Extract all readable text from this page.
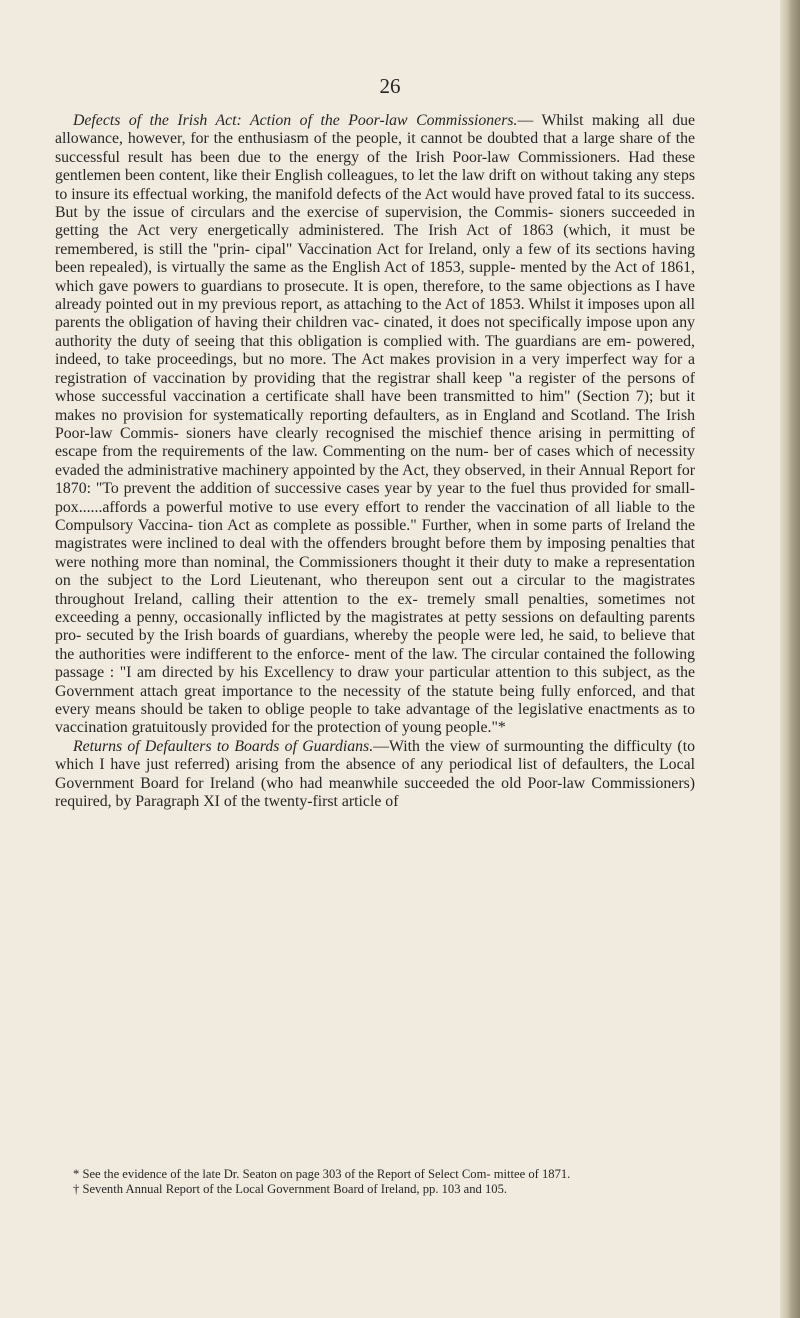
26

Defects of the Irish Act: Action of the Poor-law Commissioners.— Whilst making all due allowance, however, for the enthusiasm of the people, it cannot be doubted that a large share of the successful result has been due to the energy of the Irish Poor-law Commissioners. Had these gentlemen been content, like their English colleagues, to let the law drift on without taking any steps to insure its effectual working, the manifold defects of the Act would have proved fatal to its success. But by the issue of circulars and the exercise of supervision, the Commis- sioners succeeded in getting the Act very energetically administered. The Irish Act of 1863 (which, it must be remembered, is still the "prin- cipal" Vaccination Act for Ireland, only a few of its sections having been repealed), is virtually the same as the English Act of 1853, supple- mented by the Act of 1861, which gave powers to guardians to prosecute. It is open, therefore, to the same objections as I have already pointed out in my previous report, as attaching to the Act of 1853. Whilst it imposes upon all parents the obligation of having their children vac- cinated, it does not specifically impose upon any authority the duty of seeing that this obligation is complied with. The guardians are em- powered, indeed, to take proceedings, but no more. The Act makes provision in a very imperfect way for a registration of vaccination by providing that the registrar shall keep "a register of the persons of whose successful vaccination a certificate shall have been transmitted to him" (Section 7); but it makes no provision for systematically reporting defaulters, as in England and Scotland. The Irish Poor-law Commis- sioners have clearly recognised the mischief thence arising in permitting of escape from the requirements of the law. Commenting on the num- ber of cases which of necessity evaded the administrative machinery appointed by the Act, they observed, in their Annual Report for 1870: "To prevent the addition of successive cases year by year to the fuel thus provided for small-pox......affords a powerful motive to use every effort to render the vaccination of all liable to the Compulsory Vaccina- tion Act as complete as possible." Further, when in some parts of Ireland the magistrates were inclined to deal with the offenders brought before them by imposing penalties that were nothing more than nominal, the Commissioners thought it their duty to make a representation on the subject to the Lord Lieutenant, who thereupon sent out a circular to the magistrates throughout Ireland, calling their attention to the ex- tremely small penalties, sometimes not exceeding a penny, occasionally inflicted by the magistrates at petty sessions on defaulting parents pro- secuted by the Irish boards of guardians, whereby the people were led, he said, to believe that the authorities were indifferent to the enforce- ment of the law. The circular contained the following passage : "I am directed by his Excellency to draw your particular attention to this subject, as the Government attach great importance to the necessity of the statute being fully enforced, and that every means should be taken to oblige people to take advantage of the legislative enactments as to vaccination gratuitously provided for the protection of young people."*

Returns of Defaulters to Boards of Guardians.—With the view of surmounting the difficulty (to which I have just referred) arising from the absence of any periodical list of defaulters, the Local Government Board for Ireland (who had meanwhile succeeded the old Poor-law Commissioners) required, by Paragraph XI of the twenty-first article of

* See the evidence of the late Dr. Seaton on page 303 of the Report of Select Com- mittee of 1871.

† Seventh Annual Report of the Local Government Board of Ireland, pp. 103 and 105.
